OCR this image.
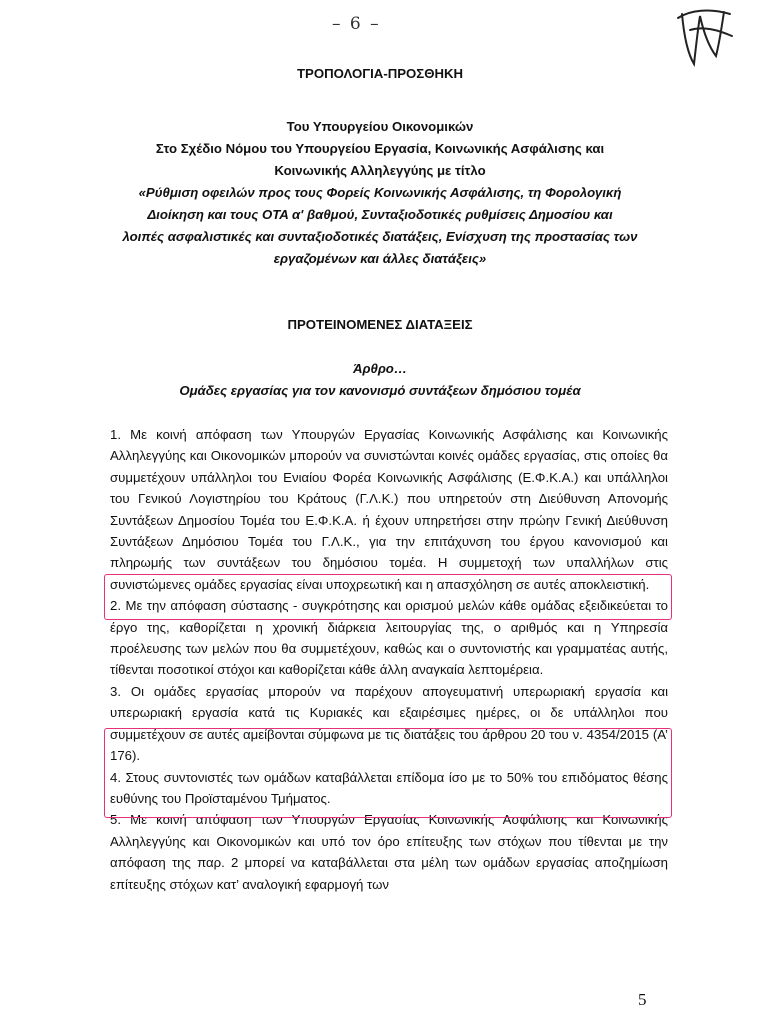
– 6 –
ΤΡΟΠΟΛΟΓΙΑ-ΠΡΟΣΘΗΚΗ
Του Υπουργείου Οικονομικών
Στο Σχέδιο Νόμου του Υπουργείου Εργασία, Κοινωνικής Ασφάλισης και
Κοινωνικής Αλληλεγγύης με τίτλο
«Ρύθμιση οφειλών προς τους Φορείς Κοινωνικής Ασφάλισης, τη Φορολογική
Διοίκηση και τους ΟΤΑ α' βαθμού, Συνταξιοδοτικές ρυθμίσεις Δημοσίου και
λοιπές ασφαλιστικές και συνταξιοδοτικές διατάξεις, Ενίσχυση της προστασίας των
εργαζομένων και άλλες διατάξεις»
ΠΡΟΤΕΙΝΟΜΕΝΕΣ ΔΙΑΤΑΞΕΙΣ
Άρθρο…
Ομάδες εργασίας για τον κανονισμό συντάξεων δημόσιου τομέα

1. Με κοινή απόφαση των Υπουργών Εργασίας Κοινωνικής Ασφάλισης και Κοινωνικής Αλληλεγγύης και Οικονομικών μπορούν να συνιστώνται κοινές ομάδες εργασίας, στις οποίες θα συμμετέχουν υπάλληλοι του Ενιαίου Φορέα Κοινωνικής Ασφάλισης (Ε.Φ.Κ.Α.) και υπάλληλοι του Γενικού Λογιστηρίου του Κράτους (Γ.Λ.Κ.) που υπηρετούν στη Διεύθυνση Απονομής Συντάξεων Δημοσίου Τομέα του Ε.Φ.Κ.Α. ή έχουν υπηρετήσει στην πρώην Γενική Διεύθυνση Συντάξεων Δημόσιου Τομέα του Γ.Λ.Κ., για την επιτάχυνση του έργου κανονισμού και πληρωμής των συντάξεων του δημόσιου τομέα. Η συμμετοχή των υπαλλήλων στις συνιστώμενες ομάδες εργασίας είναι υποχρεωτική και η απασχόληση σε αυτές αποκλειστική.

2. Με την απόφαση σύστασης - συγκρότησης και ορισμού μελών κάθε ομάδας εξειδικεύεται το έργο της, καθορίζεται η χρονική διάρκεια λειτουργίας της, ο αριθμός και η Υπηρεσία προέλευσης των μελών που θα συμμετέχουν, καθώς και ο συντονιστής και γραμματέας αυτής, τίθενται ποσοτικοί στόχοι και καθορίζεται κάθε άλλη αναγκαία λεπτομέρεια.

3. Οι ομάδες εργασίας μπορούν να παρέχουν απογευματινή υπερωριακή εργασία και υπερωριακή εργασία κατά τις Κυριακές και εξαιρέσιμες ημέρες, οι δε υπάλληλοι που συμμετέχουν σε αυτές αμείβονται σύμφωνα με τις διατάξεις του άρθρου 20 του ν. 4354/2015 (Α’ 176).

4. Στους συντονιστές των ομάδων καταβάλλεται επίδομα ίσο με το 50% του επιδόματος θέσης ευθύνης του Προϊσταμένου Τμήματος.

5. Με κοινή απόφαση των Υπουργών Εργασίας Κοινωνικής Ασφάλισης και Κοινωνικής Αλληλεγγύης και Οικονομικών και υπό τον όρο επίτευξης των στόχων που τίθενται με την απόφαση της παρ. 2 μπορεί να καταβάλλεται στα μέλη των ομάδων εργασίας αποζημίωση επίτευξης στόχων κατ’ αναλογική εφαρμογή των

5
